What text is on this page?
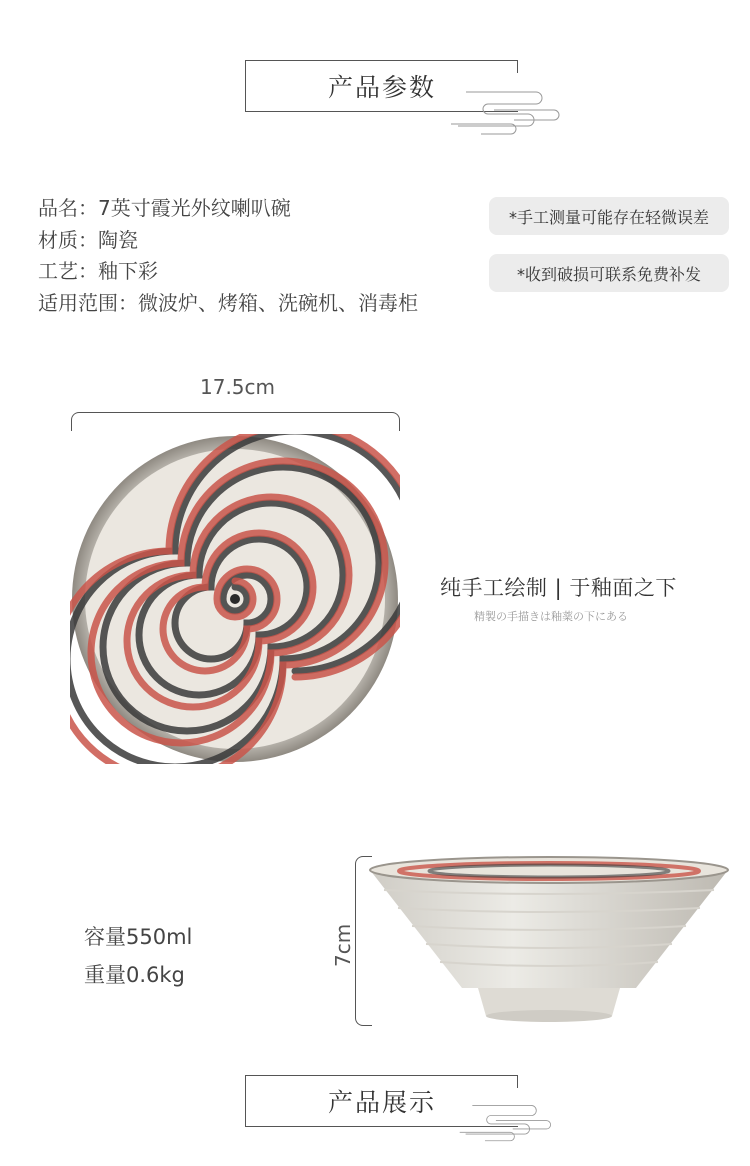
产品参数
品名：7英寸霞光外纹喇叭碗
材质：陶瓷
工艺：釉下彩
适用范围：微波炉、烤箱、洗碗机、消毒柜
*手工测量可能存在轻微误差
*收到破损可联系免费补发
17.5cm
纯手工绘制 | 于釉面之下
精製の手描きは釉薬の下にある
容量550ml
重量0.6kg
7cm
产品展示
